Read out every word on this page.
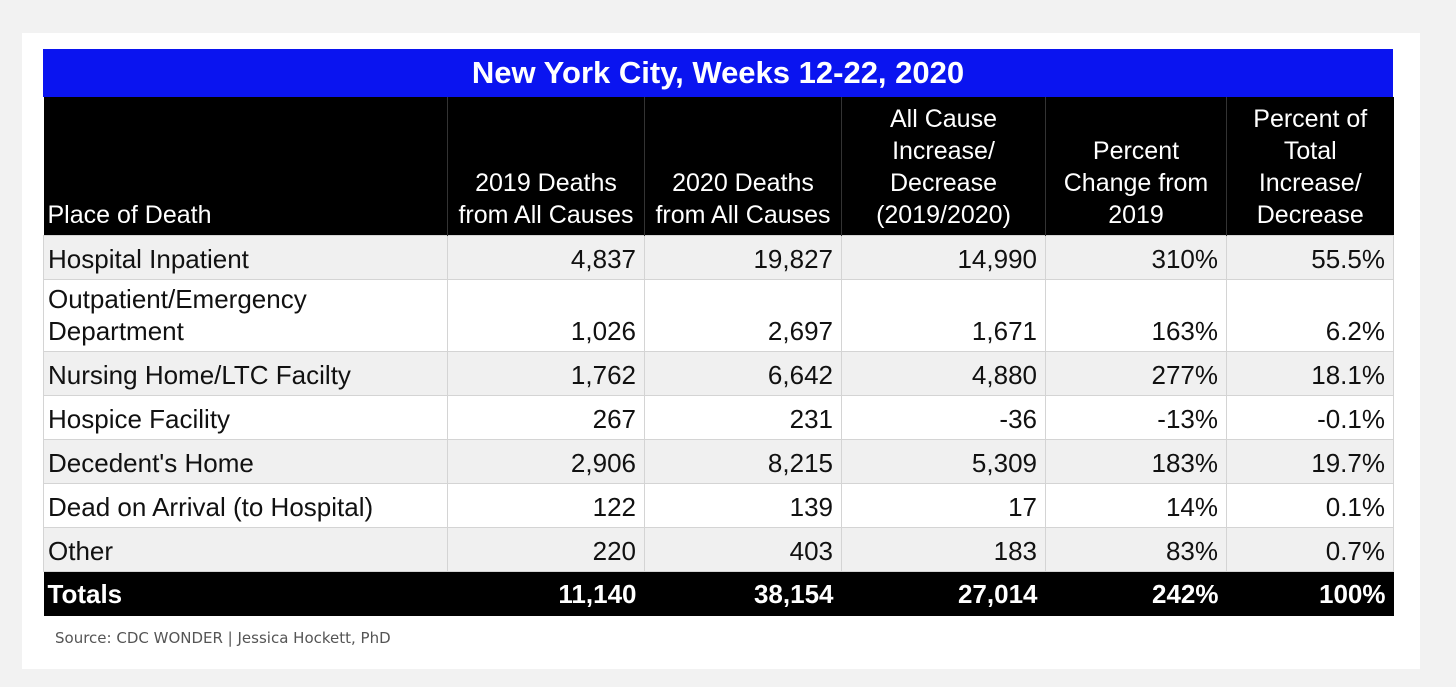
New York City, Weeks 12-22, 2020
Place of Death	2019 Deaths from All Causes	2020 Deaths from All Causes	All Cause Increase/ Decrease (2019/2020)	Percent Change from 2019	Percent of Total Increase/ Decrease
Hospital Inpatient	4,837	19,827	14,990	310%	55.5%
Outpatient/Emergency Department	1,026	2,697	1,671	163%	6.2%
Nursing Home/LTC Facilty	1,762	6,642	4,880	277%	18.1%
Hospice Facility	267	231	-36	-13%	-0.1%
Decedent's Home	2,906	8,215	5,309	183%	19.7%
Dead on Arrival (to Hospital)	122	139	17	14%	0.1%
Other	220	403	183	83%	0.7%
Totals	11,140	38,154	27,014	242%	100%
Source: CDC WONDER | Jessica Hockett, PhD
